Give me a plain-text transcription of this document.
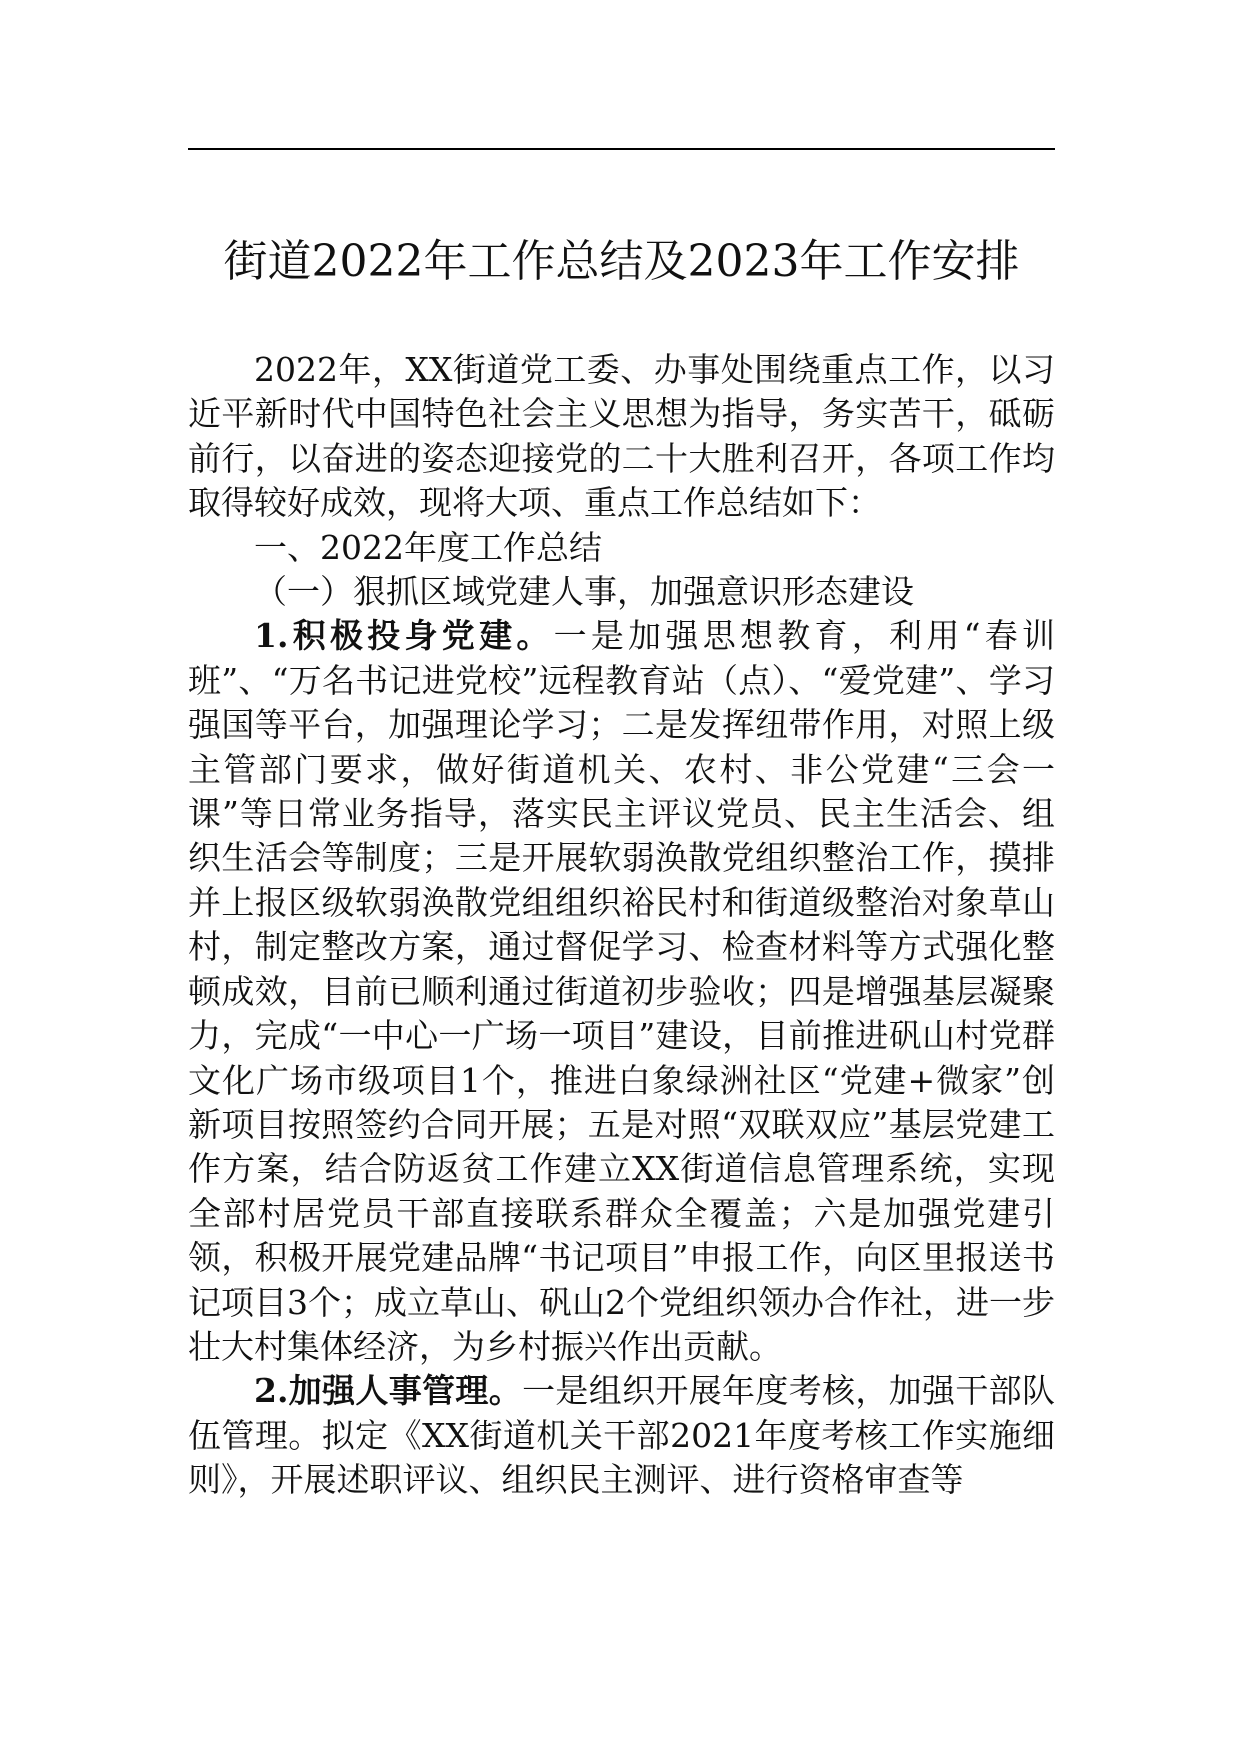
街道2022年工作总结及2023年工作安排

2022年，XX街道党工委、办事处围绕重点工作，以习近平新时代中国特色社会主义思想为指导，务实苦干，砥砺前行，以奋进的姿态迎接党的二十大胜利召开，各项工作均取得较好成效，现将大项、重点工作总结如下：

一、2022年度工作总结

（一）狠抓区域党建人事，加强意识形态建设

1.积极投身党建。一是加强思想教育，利用“春训班”、“万名书记进党校”远程教育站（点）、“爱党建”、学习强国等平台，加强理论学习；二是发挥纽带作用，对照上级主管部门要求，做好街道机关、农村、非公党建“三会一课”等日常业务指导，落实民主评议党员、民主生活会、组织生活会等制度；三是开展软弱涣散党组织整治工作，摸排并上报区级软弱涣散党组组织裕民村和街道级整治对象草山村，制定整改方案，通过督促学习、检查材料等方式强化整顿成效，目前已顺利通过街道初步验收；四是增强基层凝聚力，完成“一中心一广场一项目”建设，目前推进矾山村党群文化广场市级项目1个，推进白象绿洲社区“党建+微家”创新项目按照签约合同开展；五是对照“双联双应”基层党建工作方案，结合防返贫工作建立XX街道信息管理系统，实现全部村居党员干部直接联系群众全覆盖；六是加强党建引领，积极开展党建品牌“书记项目”申报工作，向区里报送书记项目3个；成立草山、矾山2个党组织领办合作社，进一步壮大村集体经济，为乡村振兴作出贡献。

2.加强人事管理。一是组织开展年度考核，加强干部队伍管理。拟定《XX街道机关干部2021年度考核工作实施细则》，开展述职评议、组织民主测评、进行资格审查等
